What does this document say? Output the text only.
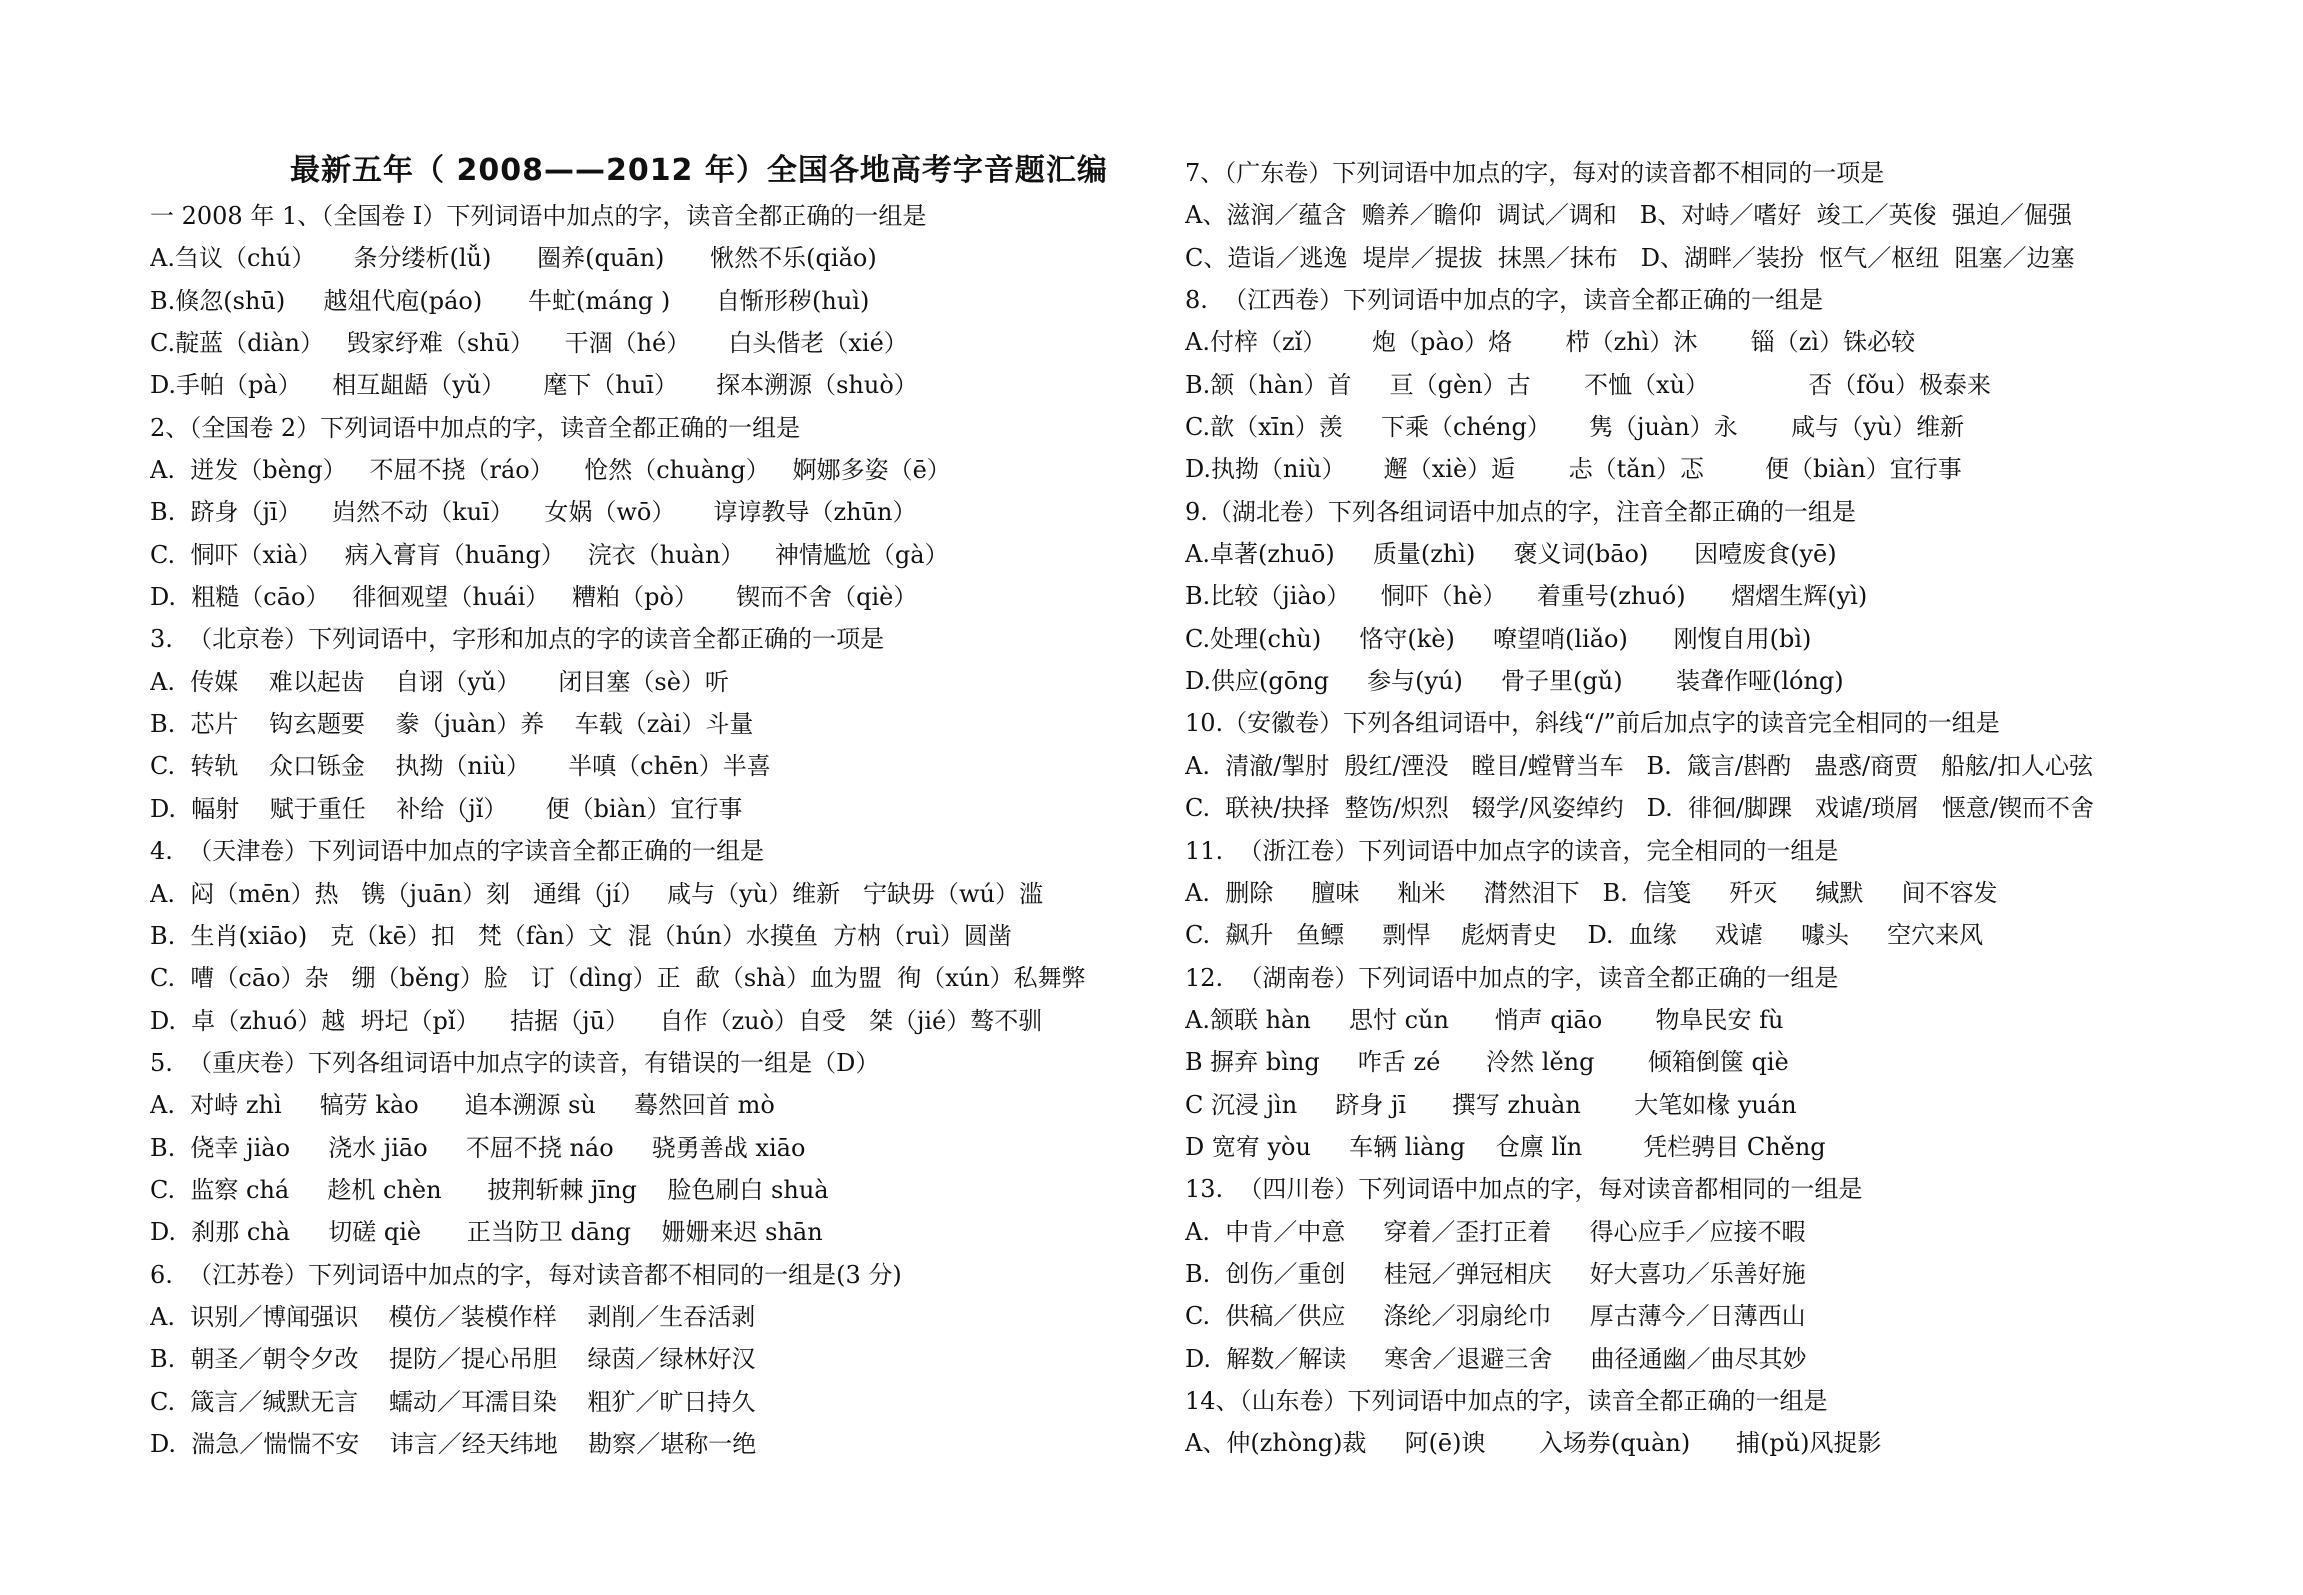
最新五年（ 2008——2012 年）全国各地高考字音题汇编
一 2008 年 1、（全国卷 I）下列词语中加点的字，读音全都正确的一组是
A.刍议（chú）     条分缕析(lǚ)      圈养(quān)      愀然不乐(qiǎo)
B.倏忽(shū)     越俎代庖(páo)      牛虻(máng )      自惭形秽(huì)
C.靛蓝（diàn）   毁家纾难（shū）    干涸（hé）     白头偕老（xié）
D.手帕（pà）    相互龃龉（yǔ）     麾下（huī）     探本溯源（shuò）
2、（全国卷 2）下列词语中加点的字，读音全都正确的一组是
A.  迸发（bèng）   不屈不挠（ráo）    怆然（chuàng）   婀娜多姿（ē）
B.  跻身（jī）    岿然不动（kuī）    女娲（wō）     谆谆教导（zhūn）
C.  恫吓（xià）   病入膏肓（huāng）   浣衣（huàn）    神情尴尬（gà）
D.  粗糙（cāo）   徘徊观望（huái）   糟粕（pò）     锲而不舍（qiè）
3.  （北京卷）下列词语中，字形和加点的字的读音全都正确的一项是
A.  传媒    难以起齿    自诩（yǔ）     闭目塞（sè）听
B.  芯片    钩玄题要    豢（juàn）养    车载（zài）斗量
C.  转轨    众口铄金    执拗（niù）     半嗔（chēn）半喜
D.  幅射    赋于重任    补给（jǐ）     便（biàn）宜行事
4.  （天津卷）下列词语中加点的字读音全都正确的一组是
A.  闷（mēn）热   镌（juān）刻   通缉（jí）   咸与（yù）维新   宁缺毋（wú）滥
B.  生肖(xiāo)   克（kē）扣   梵（fàn）文  混（hún）水摸鱼  方枘（ruì）圆凿
C.  嘈（cāo）杂   绷（běng）脸   订（dìng）正  歃（shà）血为盟  徇（xún）私舞弊
D.  卓（zhuó）越  坍圮（pǐ）    拮据（jū）    自作（zuò）自受   桀（jié）骜不驯
5.  （重庆卷）下列各组词语中加点字的读音，有错误的一组是（D）
A.  对峙 zhì     犒劳 kào      追本溯源 sù     蓦然回首 mò
B.  侥幸 jiào     浇水 jiāo     不屈不挠 náo     骁勇善战 xiāo
C.  监察 chá     趁机 chèn      披荆斩棘 jīng    脸色刷白 shuà
D.  刹那 chà     切磋 qiè      正当防卫 dāng    姗姗来迟 shān
6.  （江苏卷）下列词语中加点的字，每对读音都不相同的一组是(3 分)
A.  识别／博闻强识    模仿／装模作样    剥削／生吞活剥
B.  朝圣／朝令夕改    提防／提心吊胆    绿茵／绿林好汉
C.  箴言／缄默无言    蠕动／耳濡目染    粗犷／旷日持久
D.  湍急／惴惴不安    讳言／经天纬地    勘察／堪称一绝
7、（广东卷）下列词语中加点的字，每对的读音都不相同的一项是
A、滋润／蕴含  赡养／瞻仰  调试／调和   B、对峙／嗜好  竣工／英俊  强迫／倔强
C、造诣／逃逸  堤岸／提拔  抹黑／抹布   D、湖畔／装扮  怄气／枢纽  阻塞／边塞
8.  （江西卷）下列词语中加点的字，读音全都正确的一组是
A.付梓（zǐ）      炮（pào）烙       栉（zhì）沐       锱（zì）铢必较
B.颔（hàn）首     亘（gèn）古       不恤（xù）             否（fǒu）极泰来
C.歆（xīn）羡     下乘（chéng）     隽（juàn）永       咸与（yù）维新
D.执拗（niù）     邂（xiè）逅       忐（tǎn）忑        便（biàn）宜行事
9.（湖北卷）下列各组词语中加点的字，注音全都正确的一组是
A.卓著(zhuō)     质量(zhì)     褒义词(bāo)      因噎废食(yē)
B.比较（jiào）    恫吓（hè）    着重号(zhuó)      熠熠生辉(yì)
C.处理(chù)     恪守(kè)     嘹望哨(liǎo)      刚愎自用(bì)
D.供应(gōng     参与(yú)     骨子里(gǔ)       装聋作哑(lóng)
10.（安徽卷）下列各组词语中，斜线“/”前后加点字的读音完全相同的一组是
A.  清澈/掣肘  殷红/湮没   瞠目/螳臂当车   B.  箴言/斟酌   蛊惑/商贾   船舷/扣人心弦
C.  联袂/抉择  整饬/炽烈   辍学/风姿绰约   D.  徘徊/脚踝   戏谑/琐屑   惬意/锲而不舍
11.  （浙江卷）下列词语中加点字的读音，完全相同的一组是
A.  删除     膻味     籼米     潸然泪下   B.  信笺     歼灭     缄默     间不容发
C.  飙升   鱼鳔     剽悍    彪炳青史    D.  血缘     戏谑     噱头     空穴来风
12.  （湖南卷）下列词语中加点的字，读音全都正确的一组是
A.颔联 hàn     思忖 cǔn      悄声 qiāo       物阜民安 fù
B 摒弃 bìng     咋舌 zé      泠然 lěng       倾箱倒箧 qiè
C 沉浸 jìn     跻身 jī      撰写 zhuàn       大笔如椽 yuán
D 宽宥 yòu     车辆 liàng    仓廪 lǐn        凭栏骋目 Chěng
13.  （四川卷）下列词语中加点的字，每对读音都相同的一组是
A.  中肯／中意     穿着／歪打正着     得心应手／应接不暇
B.  创伤／重创     桂冠／弹冠相庆     好大喜功／乐善好施
C.  供稿／供应     涤纶／羽扇纶巾     厚古薄今／日薄西山
D.  解数／解读     寒舍／退避三舍     曲径通幽／曲尽其妙
14、（山东卷）下列词语中加点的字，读音全都正确的一组是
A、仲(zhòng)裁     阿(ē)谀       入场券(quàn)      捕(pǔ)风捉影
